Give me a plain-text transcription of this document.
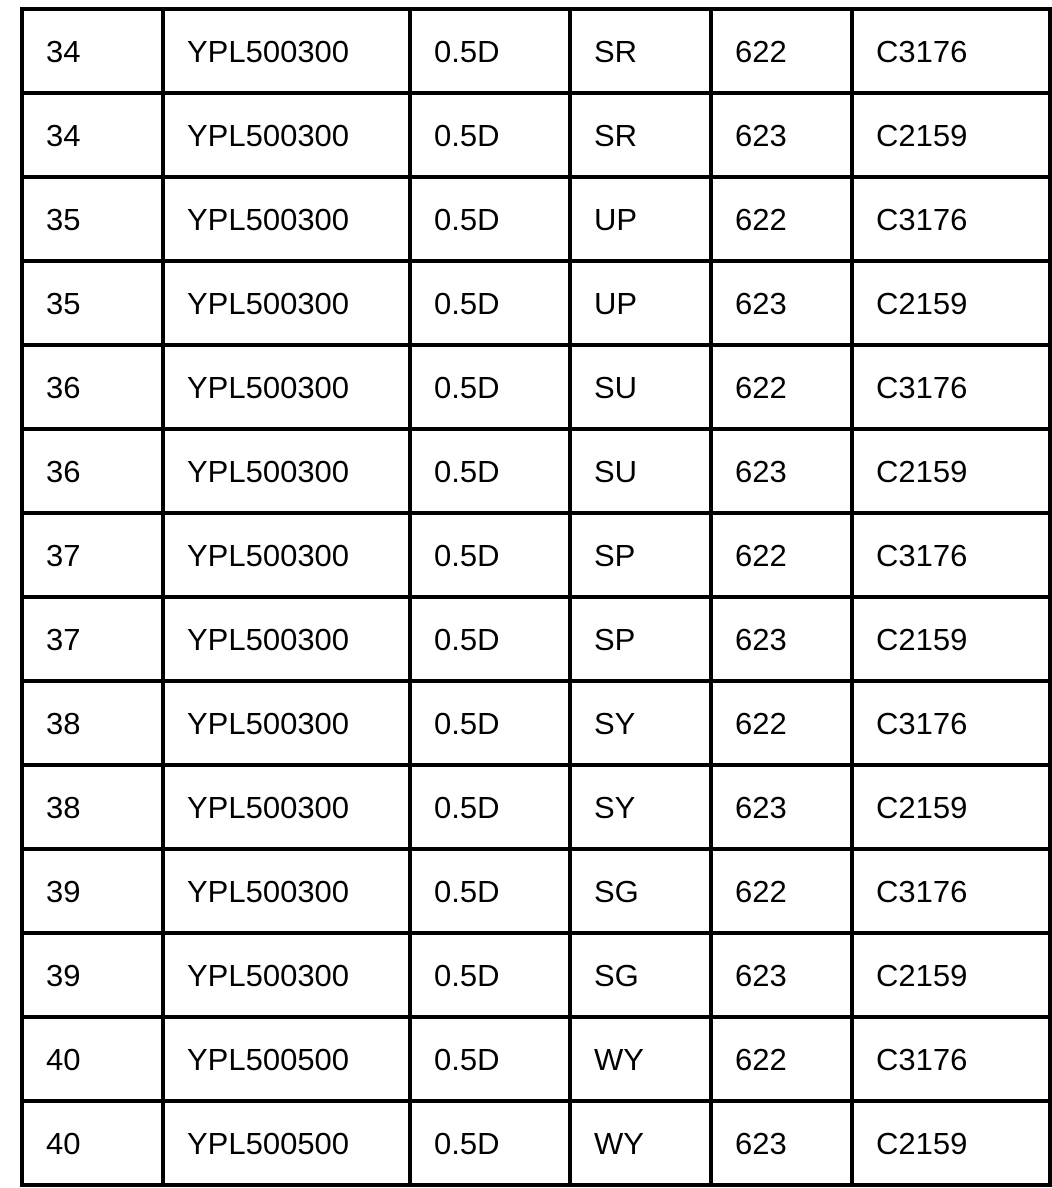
34	YPL500300	0.5D	SR	622	C3176
34	YPL500300	0.5D	SR	623	C2159
35	YPL500300	0.5D	UP	622	C3176
35	YPL500300	0.5D	UP	623	C2159
36	YPL500300	0.5D	SU	622	C3176
36	YPL500300	0.5D	SU	623	C2159
37	YPL500300	0.5D	SP	622	C3176
37	YPL500300	0.5D	SP	623	C2159
38	YPL500300	0.5D	SY	622	C3176
38	YPL500300	0.5D	SY	623	C2159
39	YPL500300	0.5D	SG	622	C3176
39	YPL500300	0.5D	SG	623	C2159
40	YPL500500	0.5D	WY	622	C3176
40	YPL500500	0.5D	WY	623	C2159
